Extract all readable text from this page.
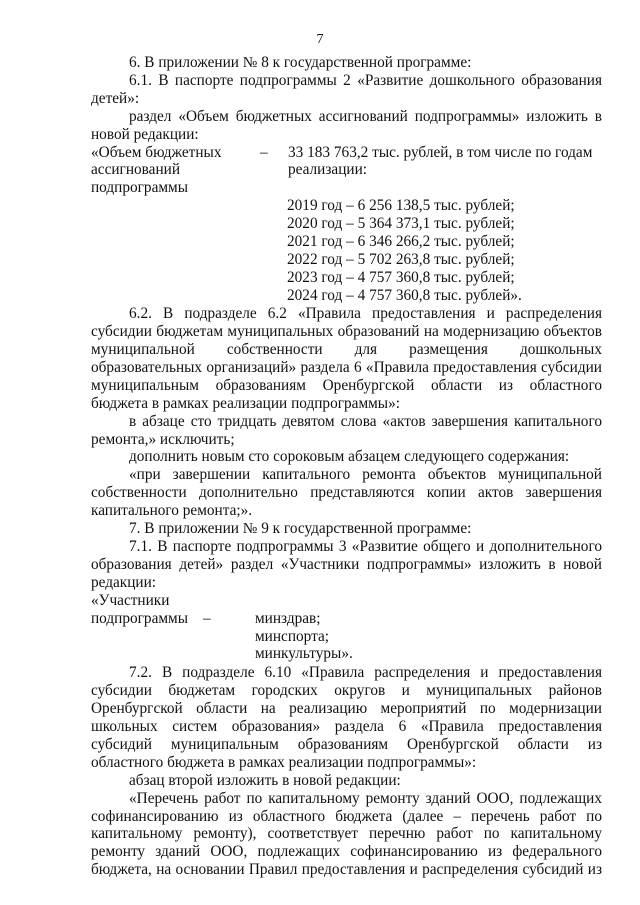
7

6. В приложении № 8 к государственной программе:

6.1. В паспорте подпрограммы 2 «Развитие дошкольного образования

детей»:

раздел «Объем бюджетных ассигнований подпрограммы» изложить в

новой редакции:

«Объем бюджетных
ассигнований
подпрограммы
–	33 183 763,2 тыс. рублей, в том числе по годам
реализации:
2019 год – 6 256 138,5 тыс. рублей;
2020 год – 5 364 373,1 тыс. рублей;
2021 год – 6 346 266,2 тыс. рублей;
2022 год – 5 702 263,8 тыс. рублей;
2023 год – 4 757 360,8 тыс. рублей;
2024 год – 4 757 360,8 тыс. рублей».

6.2. В подразделе 6.2 «Правила предоставления и распределения

субсидии бюджетам муниципальных образований на модернизацию объектов

муниципальной собственности для размещения дошкольных

образовательных организаций» раздела 6 «Правила предоставления субсидии

муниципальным образованиям Оренбургской области из областного

бюджета в рамках реализации подпрограммы»:

в абзаце сто тридцать девятом слова «актов завершения капитального

ремонта,» исключить;

дополнить новым сто сороковым абзацем следующего содержания:

«при завершении капитального ремонта объектов муниципальной

собственности дополнительно представляются копии актов завершения

капитального ремонта;».

7. В приложении № 9 к государственной программе:

7.1. В паспорте подпрограммы 3 «Развитие общего и дополнительного

образования детей» раздел «Участники подпрограммы» изложить в новой

редакции:

«Участники

подпрограммы –	минздрав;
минспорта;
минкультуры».

7.2. В подразделе 6.10 «Правила распределения и предоставления

субсидии бюджетам городских округов и муниципальных районов

Оренбургской области на реализацию мероприятий по модернизации

школьных систем образования» раздела 6 «Правила предоставления

субсидий муниципальным образованиям Оренбургской области из

областного бюджета в рамках реализации подпрограммы»:

абзац второй изложить в новой редакции:

«Перечень работ по капитальному ремонту зданий ООО, подлежащих

софинансированию из областного бюджета (далее – перечень работ по

капитальному ремонту), соответствует перечню работ по капитальному

ремонту зданий ООО, подлежащих софинансированию из федерального

бюджета, на основании Правил предоставления и распределения субсидий из
